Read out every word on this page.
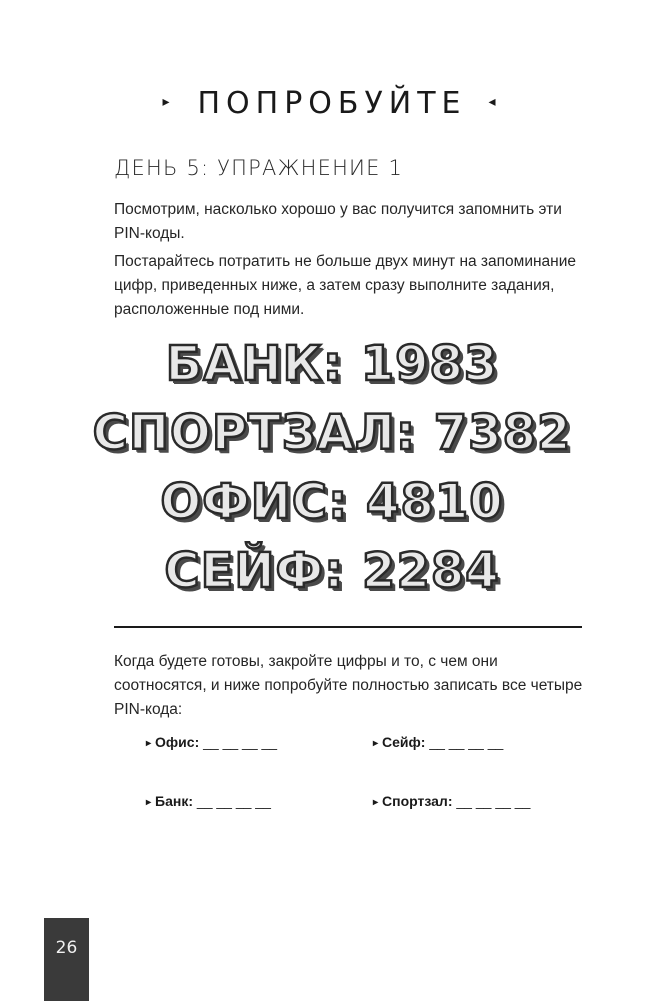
▸ ПОПРОБУЙТЕ ◂
ДЕНЬ 5: УПРАЖНЕНИЕ 1
Посмотрим, насколько хорошо у вас получится запомнить эти PIN-коды.
Постарайтесь потратить не больше двух минут на запоминание цифр, приведенных ниже, а затем сразу выполните задания, расположенные под ними.
БАНК: 1983
СПОРТЗАЛ: 7382
ОФИС: 4810
СЕЙФ: 2284
Когда будете готовы, закройте цифры и то, с чем они соотносятся, и ниже попробуйте полностью записать все четыре PIN-кода:
▸ Офис: __ __ __ __	▸ Сейф: __ __ __ __
▸ Банк: __ __ __ __	▸ Спортзал: __ __ __ __
26
